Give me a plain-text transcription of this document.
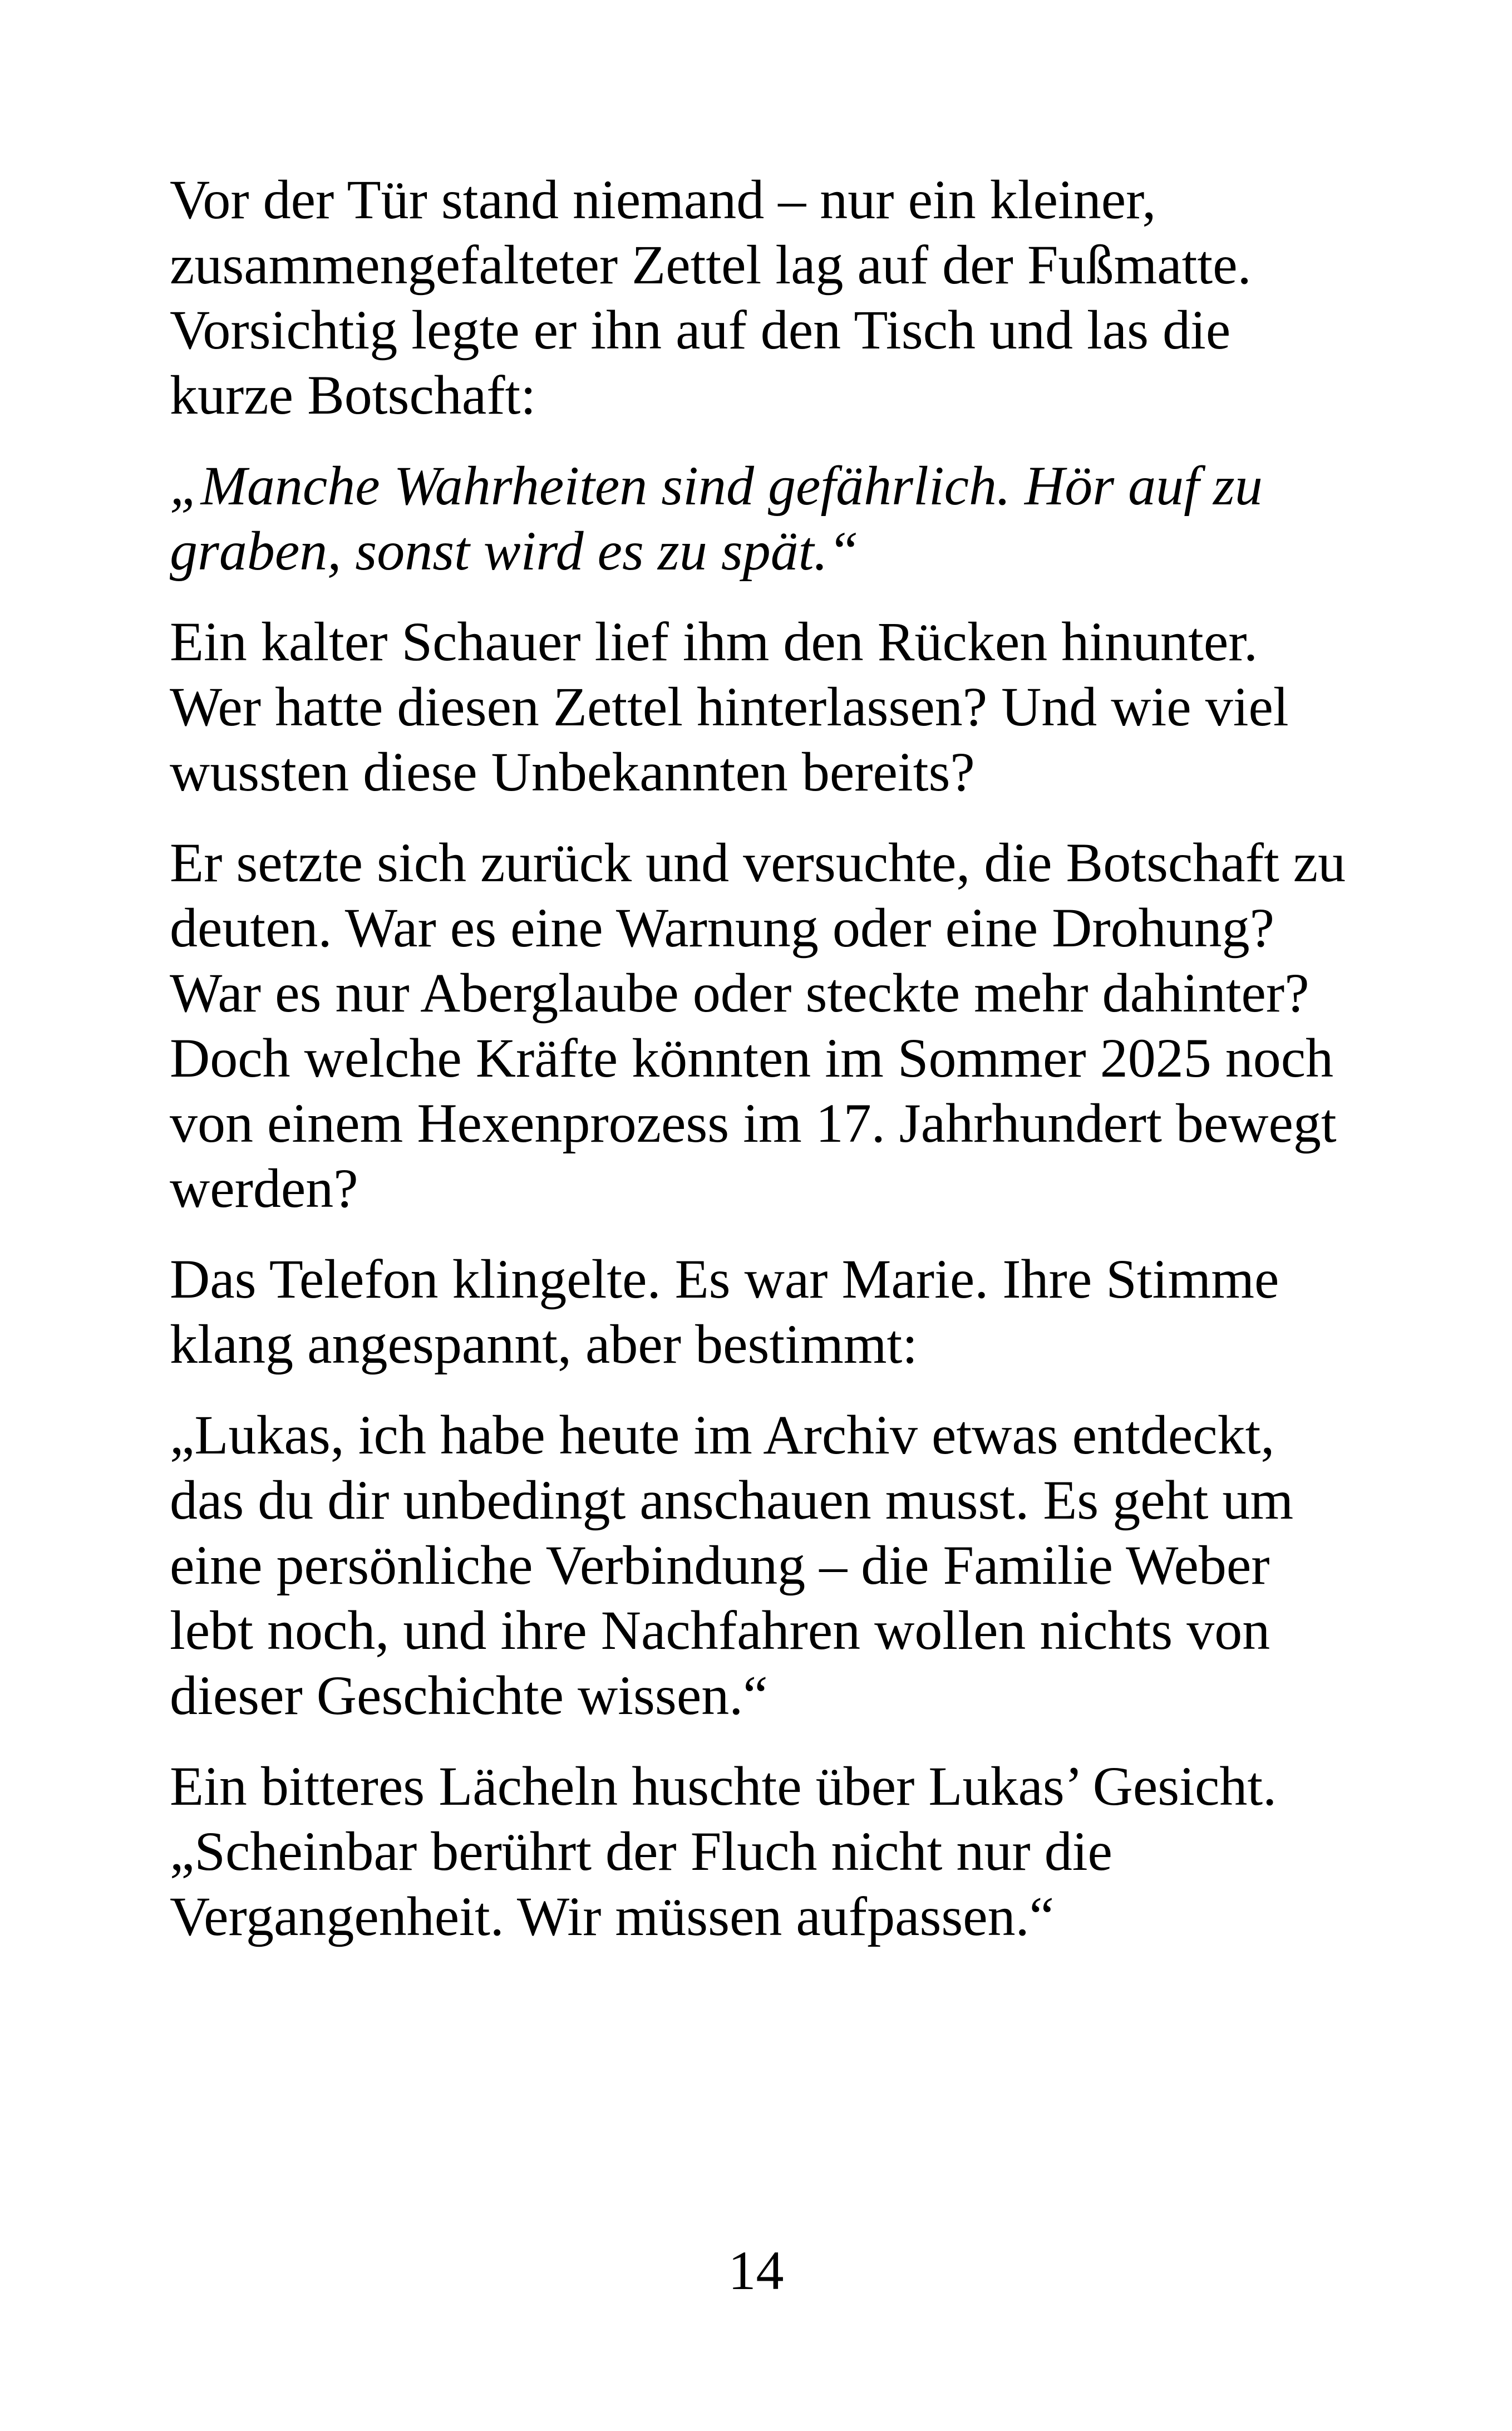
Vor der Tür stand niemand – nur ein kleiner,
zusammengefalteter Zettel lag auf der Fußmatte.
Vorsichtig legte er ihn auf den Tisch und las die
kurze Botschaft:

„Manche Wahrheiten sind gefährlich. Hör auf zu
graben, sonst wird es zu spät.“

Ein kalter Schauer lief ihm den Rücken hinunter.
Wer hatte diesen Zettel hinterlassen? Und wie viel
wussten diese Unbekannten bereits?

Er setzte sich zurück und versuchte, die Botschaft zu
deuten. War es eine Warnung oder eine Drohung?
War es nur Aberglaube oder steckte mehr dahinter?
Doch welche Kräfte könnten im Sommer 2025 noch
von einem Hexenprozess im 17. Jahrhundert bewegt
werden?

Das Telefon klingelte. Es war Marie. Ihre Stimme
klang angespannt, aber bestimmt:

„Lukas, ich habe heute im Archiv etwas entdeckt,
das du dir unbedingt anschauen musst. Es geht um
eine persönliche Verbindung – die Familie Weber
lebt noch, und ihre Nachfahren wollen nichts von
dieser Geschichte wissen.“

Ein bitteres Lächeln huschte über Lukas’ Gesicht.
„Scheinbar berührt der Fluch nicht nur die
Vergangenheit. Wir müssen aufpassen.“

14
